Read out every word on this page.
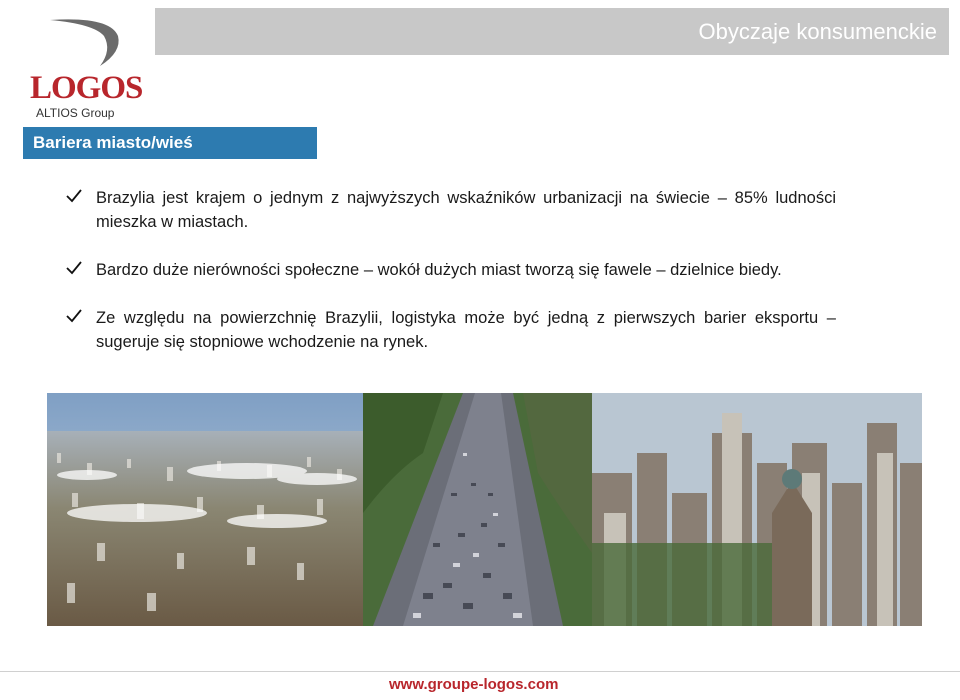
LOGOS
ALTIOS Group
Obyczaje konsumenckie
Bariera miasto/wieś
Brazylia jest krajem o jednym z najwyższych wskaźników urbanizacji na świecie – 85% ludności mieszka w miastach.
Bardzo duże nierówności społeczne – wokół dużych miast tworzą się fawele – dzielnice biedy.
Ze względu na powierzchnię Brazylii, logistyka może być jedną z pierwszych barier eksportu – sugeruje się stopniowe wchodzenie na rynek.
www.groupe-logos.com
